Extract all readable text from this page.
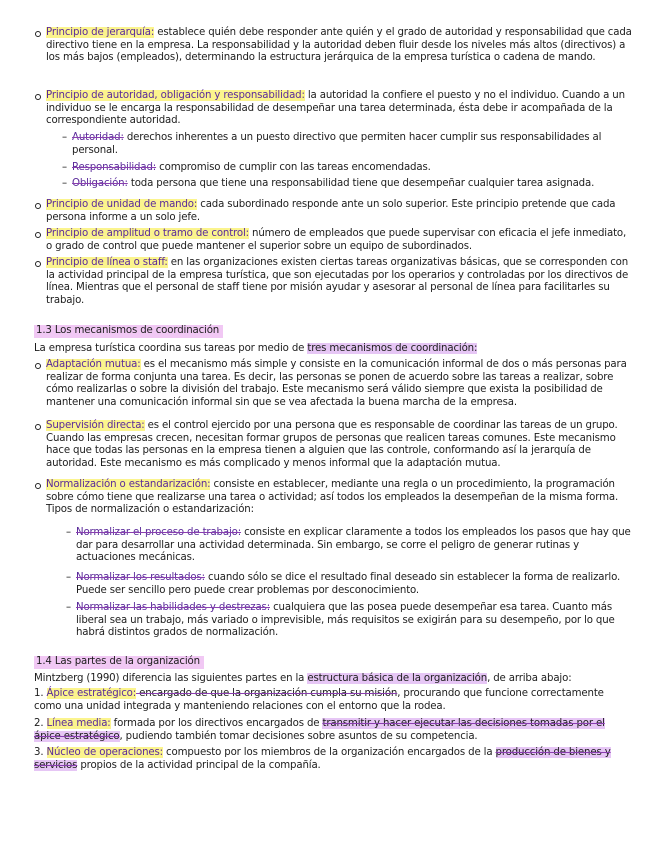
Principio de jerarquía: establece quién debe responder ante quién y el grado de autoridad y responsabilidad que cada directivo tiene en la empresa. La responsabilidad y la autoridad deben fluir desde los niveles más altos (directivos) a los más bajos (empleados), determinando la estructura jerárquica de la empresa turística o cadena de mando.

Principio de autoridad, obligación y responsabilidad: la autoridad la confiere el puesto y no el individuo. Cuando a un individuo se le encarga la responsabilidad de desempeñar una tarea determinada, ésta debe ir acompañada de la correspondiente autoridad.

– Autoridad: derechos inherentes a un puesto directivo que permiten hacer cumplir sus responsabilidades al personal.

– Responsabilidad: compromiso de cumplir con las tareas encomendadas.

– Obligación: toda persona que tiene una responsabilidad tiene que desempeñar cualquier tarea asignada.

Principio de unidad de mando: cada subordinado responde ante un solo superior. Este principio pretende que cada persona informe a un solo jefe.

Principio de amplitud o tramo de control: número de empleados que puede supervisar con eficacia el jefe inmediato, o grado de control que puede mantener el superior sobre un equipo de subordinados.

Principio de línea o staff: en las organizaciones existen ciertas tareas organizativas básicas, que se corresponden con la actividad principal de la empresa turística, que son ejecutadas por los operarios y controladas por los directivos de línea. Mientras que el personal de staff tiene por misión ayudar y asesorar al personal de línea para facilitarles su trabajo.

1.3 Los mecanismos de coordinación

La empresa turística coordina sus tareas por medio de tres mecanismos de coordinación:

Adaptación mutua: es el mecanismo más simple y consiste en la comunicación informal de dos o más personas para realizar de forma conjunta una tarea. Es decir, las personas se ponen de acuerdo sobre las tareas a realizar, sobre cómo realizarlas o sobre la división del trabajo. Este mecanismo será válido siempre que exista la posibilidad de mantener una comunicación informal sin que se vea afectada la buena marcha de la empresa.

Supervisión directa: es el control ejercido por una persona que es responsable de coordinar las tareas de un grupo. Cuando las empresas crecen, necesitan formar grupos de personas que realicen tareas comunes. Este mecanismo hace que todas las personas en la empresa tienen a alguien que las controle, conformando así la jerarquía de autoridad. Este mecanismo es más complicado y menos informal que la adaptación mutua.

Normalización o estandarización: consiste en establecer, mediante una regla o un procedimiento, la programación sobre cómo tiene que realizarse una tarea o actividad; así todos los empleados la desempeñan de la misma forma. Tipos de normalización o estandarización:

– Normalizar el proceso de trabajo: consiste en explicar claramente a todos los empleados los pasos que hay que dar para desarrollar una actividad determinada. Sin embargo, se corre el peligro de generar rutinas y actuaciones mecánicas.

– Normalizar los resultados: cuando sólo se dice el resultado final deseado sin establecer la forma de realizarlo. Puede ser sencillo pero puede crear problemas por desconocimiento.

– Normalizar las habilidades y destrezas: cualquiera que las posea puede desempeñar esa tarea. Cuanto más liberal sea un trabajo, más variado o imprevisible, más requisitos se exigirán para su desempeño, por lo que habrá distintos grados de normalización.

1.4 Las partes de la organización

Mintzberg (1990) diferencia las siguientes partes en la estructura básica de la organización, de arriba abajo:

1. Ápice estratégico: encargado de que la organización cumpla su misión, procurando que funcione correctamente como una unidad integrada y manteniendo relaciones con el entorno que la rodea.

2. Línea media: formada por los directivos encargados de transmitir y hacer ejecutar las decisiones tomadas por el ápice estratégico, pudiendo también tomar decisiones sobre asuntos de su competencia.

3. Núcleo de operaciones: compuesto por los miembros de la organización encargados de la producción de bienes y servicios propios de la actividad principal de la compañía.
